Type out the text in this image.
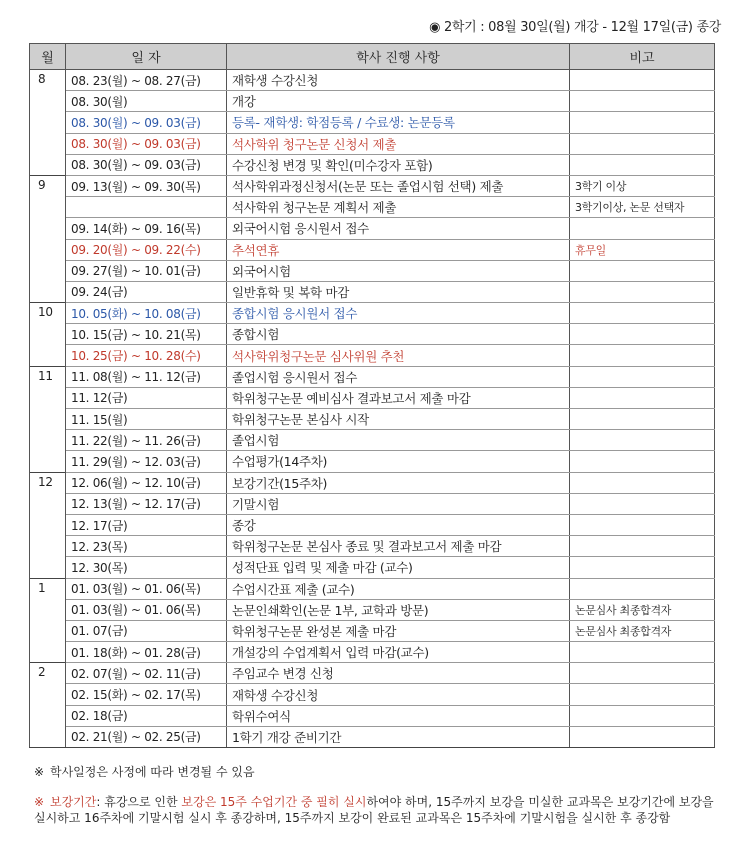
◉ 2학기 : 08월 30일(월) 개강 - 12월 17일(금) 종강
월	일 자	학사 진행 사항	비고
8	08. 23(월) ~ 08. 27(금)	재학생 수강신청	
	08. 30(월)	개강	
	08. 30(월) ~ 09. 03(금)	등록- 재학생: 학점등록 / 수료생: 논문등록	
	08. 30(월) ~ 09. 03(금)	석사학위 청구논문 신청서 제출	
	08. 30(월) ~ 09. 03(금)	수강신청 변경 및 확인(미수강자 포함)	
9	09. 13(월) ~ 09. 30(목)	석사학위과정신청서(논문 또는 졸업시험 선택) 제출	3학기 이상
		석사학위 청구논문 계획서 제출	3학기이상, 논문 선택자
	09. 14(화) ~ 09. 16(목)	외국어시험 응시원서 접수	
	09. 20(월) ~ 09. 22(수)	추석연휴	휴무일
	09. 27(월) ~ 10. 01(금)	외국어시험	
	09. 24(금)	일반휴학 및 복학 마감	
10	10. 05(화) ~ 10. 08(금)	종합시험 응시원서 접수	
	10. 15(금) ~ 10. 21(목)	종합시험	
	10. 25(금) ~ 10. 28(수)	석사학위청구논문 심사위원 추천	
11	11. 08(월) ~ 11. 12(금)	졸업시험 응시원서 접수	
	11. 12(금)	학위청구논문 예비심사 결과보고서 제출 마감	
	11. 15(월)	학위청구논문 본심사 시작	
	11. 22(월) ~ 11. 26(금)	졸업시험	
	11. 29(월) ~ 12. 03(금)	수업평가(14주차)	
12	12. 06(월) ~ 12. 10(금)	보강기간(15주차)	
	12. 13(월) ~ 12. 17(금)	기말시험	
	12. 17(금)	종강	
	12. 23(목)	학위청구논문 본심사 종료 및 결과보고서 제출 마감	
	12. 30(목)	성적단표 입력 및 제출 마감 (교수)	
1	01. 03(월) ~ 01. 06(목)	수업시간표 제출 (교수)	
	01. 03(월) ~ 01. 06(목)	논문인쇄확인(논문 1부, 교학과 방문)	논문심사 최종합격자
	01. 07(금)	학위청구논문 완성본 제출 마감	논문심사 최종합격자
	01. 18(화) ~ 01. 28(금)	개설강의 수업계획서 입력 마감(교수)	
2	02. 07(월) ~ 02. 11(금)	주임교수 변경 신청	
	02. 15(화) ~ 02. 17(목)	재학생 수강신청	
	02. 18(금)	학위수여식	
	02. 21(월) ~ 02. 25(금)	1학기 개강 준비기간	
※ 학사일정은 사정에 따라 변경될 수 있음
※ 보강기간: 휴강으로 인한 보강은 15주 수업기간 중 필히 실시하여야 하며, 15주까지 보강을 미실한 교과목은 보강기간에 보강을 실시하고 16주차에 기말시험 실시 후 종강하며, 15주까지 보강이 완료된 교과목은 15주차에 기말시험을 실시한 후 종강함
